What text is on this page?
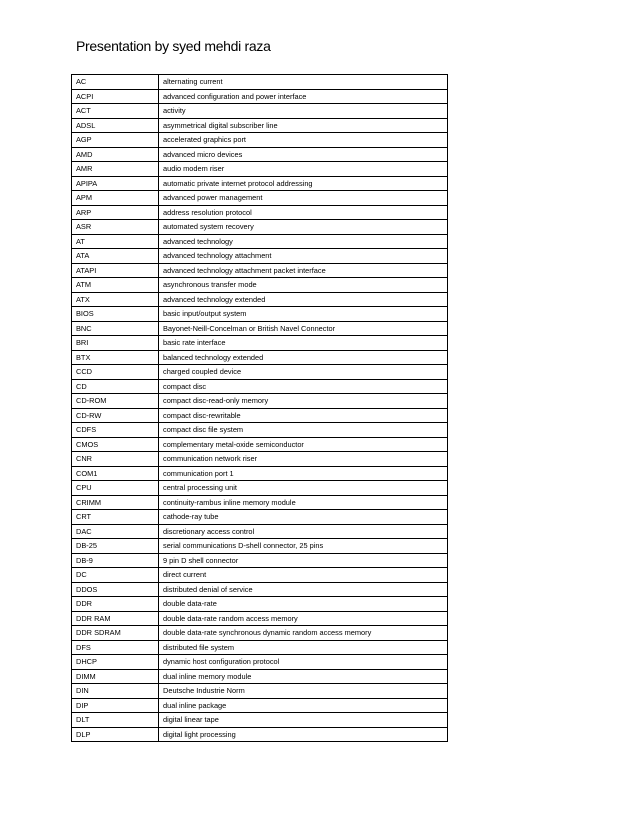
Presentation by syed mehdi raza
AC	alternating current
ACPI	advanced configuration and power interface
ACT	activity
ADSL	asymmetrical digital subscriber line
AGP	accelerated graphics port
AMD	advanced micro devices
AMR	audio modem riser
APIPA	automatic private internet protocol addressing
APM	advanced power management
ARP	address resolution protocol
ASR	automated system recovery
AT	advanced technology
ATA	advanced technology attachment
ATAPI	advanced technology attachment packet interface
ATM	asynchronous transfer mode
ATX	advanced technology extended
BIOS	basic input/output system
BNC	Bayonet-Neill-Concelman or British Navel Connector
BRI	basic rate interface
BTX	balanced technology extended
CCD	charged coupled device
CD	compact disc
CD-ROM	compact disc-read-only memory
CD-RW	compact disc-rewritable
CDFS	compact disc file system
CMOS	complementary metal-oxide semiconductor
CNR	communication network riser
COM1	communication port 1
CPU	central processing unit
CRIMM	continuity-rambus inline memory module
CRT	cathode-ray tube
DAC	discretionary access control
DB-25	serial communications D-shell connector, 25 pins
DB-9	9 pin D shell connector
DC	direct current
DDOS	distributed denial of service
DDR	double data-rate
DDR RAM	double data-rate random access memory
DDR SDRAM	double data-rate synchronous dynamic random access memory
DFS	distributed file system
DHCP	dynamic host configuration protocol
DIMM	dual inline memory module
DIN	Deutsche Industrie Norm
DIP	dual inline package
DLT	digital linear tape
DLP	digital light processing
